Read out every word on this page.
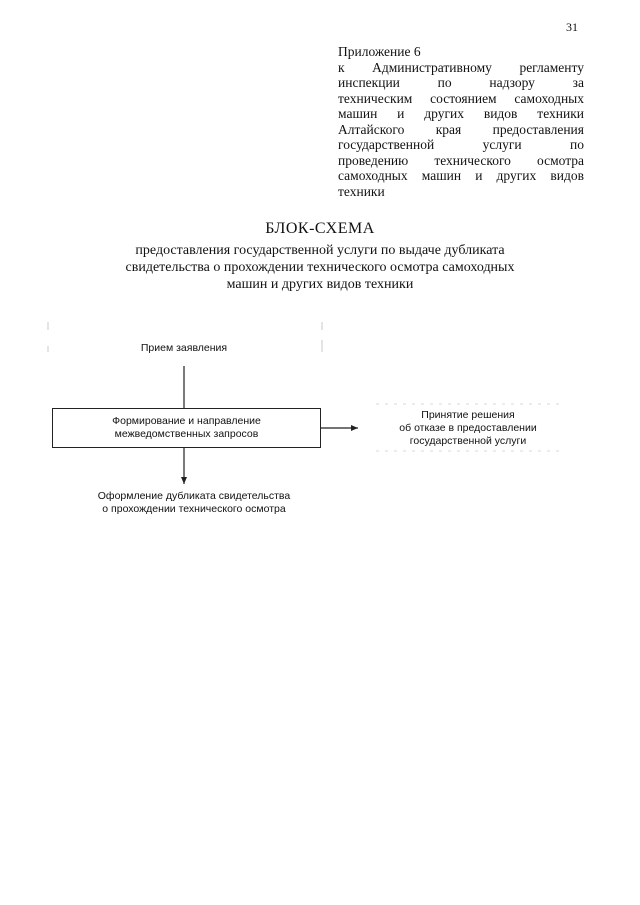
31
Приложение 6
к Административному регламенту
инспекции по надзору за
техническим состоянием самоходных
машин и других видов техники
Алтайского края предоставления
государственной услуги по
проведению технического осмотра
самоходных машин и других видов
техники
БЛОК-СХЕМА
предоставления государственной услуги по выдаче дубликата
свидетельства о прохождении технического осмотра самоходных
машин и других видов техники
Прием заявления
Формирование и направление
межведомственных запросов
Принятие решения
об отказе в предоставлении
государственной услуги
Оформление дубликата свидетельства
о прохождении технического осмотра
